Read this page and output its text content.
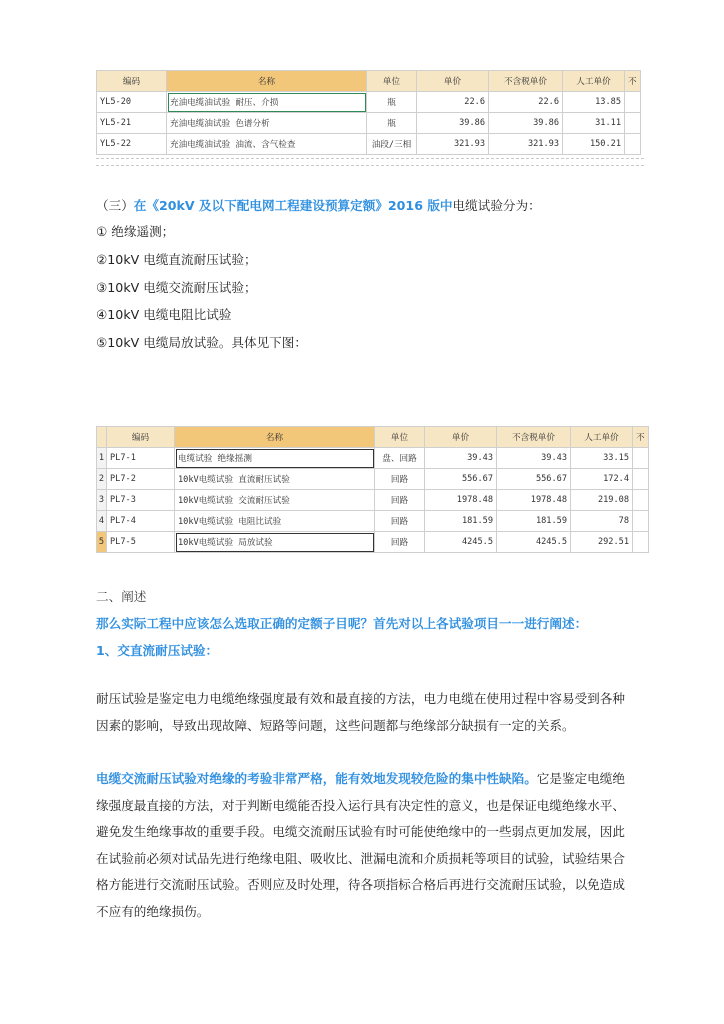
编码	名称	单位	单价	不含税单价	人工单价	不
YL5-20	充油电缆油试验 耐压、介损	瓶	22.6	22.6	13.85	
YL5-21	充油电缆油试验 色谱分析	瓶	39.86	39.86	31.11	
YL5-22	充油电缆油试验 油流、含气检查	油段/三相	321.93	321.93	150.21	
（三）在《20kV 及以下配电网工程建设预算定额》2016 版中电缆试验分为：
① 绝缘遥测；
②10kV 电缆直流耐压试验；
③10kV 电缆交流耐压试验；
④10kV 电缆电阻比试验
⑤10kV 电缆局放试验。具体见下图：
	编码	名称	单位	单价	不含税单价	人工单价	不
1	PL7-1	电缆试验 绝缘摇测	盘、回路	39.43	39.43	33.15	
2	PL7-2	10kV电缆试验 直流耐压试验	回路	556.67	556.67	172.4	
3	PL7-3	10kV电缆试验 交流耐压试验	回路	1978.48	1978.48	219.08	
4	PL7-4	10kV电缆试验 电阻比试验	回路	181.59	181.59	78	
5	PL7-5	10kV电缆试验 局放试验	回路	4245.5	4245.5	292.51	
二、阐述
那么实际工程中应该怎么选取正确的定额子目呢？首先对以上各试验项目一一进行阐述：
1、交直流耐压试验：
耐压试验是鉴定电力电缆绝缘强度最有效和最直接的方法，电力电缆在使用过程中容易受到各种因素的影响，导致出现故障、短路等问题，这些问题都与绝缘部分缺损有一定的关系。
电缆交流耐压试验对绝缘的考验非常严格，能有效地发现较危险的集中性缺陷。它是鉴定电缆绝缘强度最直接的方法，对于判断电缆能否投入运行具有决定性的意义，也是保证电缆绝缘水平、避免发生绝缘事故的重要手段。电缆交流耐压试验有时可能使绝缘中的一些弱点更加发展，因此在试验前必须对试品先进行绝缘电阻、吸收比、泄漏电流和介质损耗等项目的试验，试验结果合格方能进行交流耐压试验。否则应及时处理，待各项指标合格后再进行交流耐压试验，以免造成不应有的绝缘损伤。
